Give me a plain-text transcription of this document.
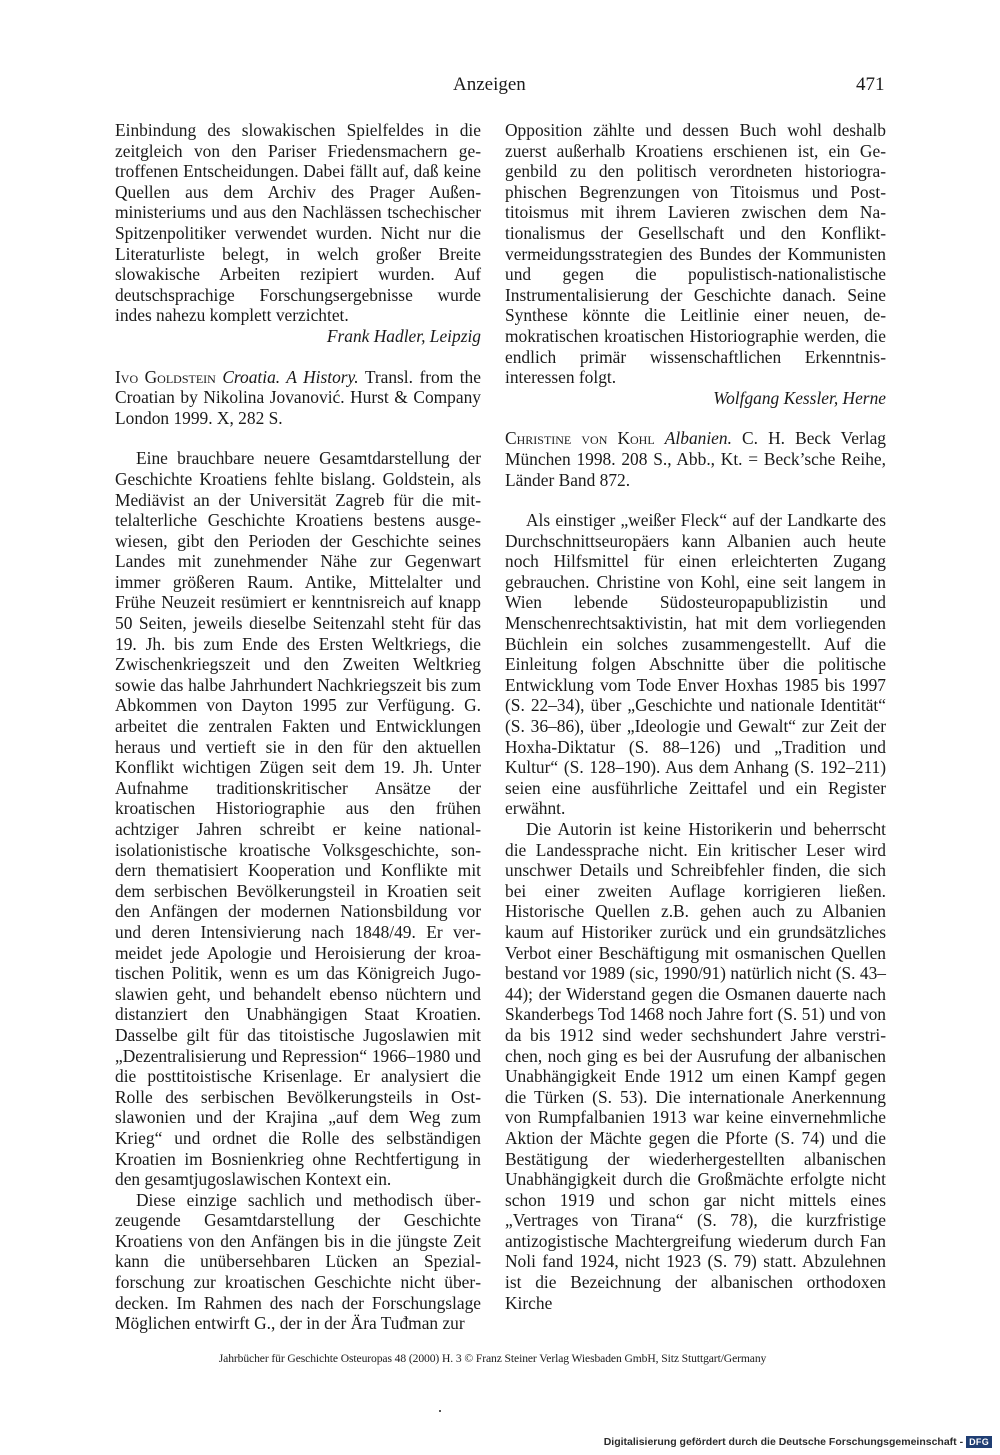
Anzeigen	471

Einbindung des slowakischen Spielfeldes in die zeitgleich von den Pariser Friedensmachern getroffenen Entscheidungen. Dabei fällt auf, daß keine Quellen aus dem Archiv des Prager Außenministeriums und aus den Nachlässen tschechischer Spitzenpolitiker verwendet wurden. Nicht nur die Literaturliste belegt, in welch großer Breite slowakische Arbeiten rezipiert wurden. Auf deutschsprachige Forschungsergebnisse wurde indes nahezu komplett verzichtet.

Frank Hadler, Leipzig

Ivo Goldstein Croatia. A History. Transl. from the Croatian by Nikolina Jovanović. Hurst & Company London 1999. X, 282 S.

Eine brauchbare neuere Gesamtdarstellung der Geschichte Kroatiens fehlte bislang. Goldstein, als Mediävist an der Universität Zagreb für die mittelalterliche Geschichte Kroatiens bestens ausgewiesen, gibt den Perioden der Geschichte seines Landes mit zunehmender Nähe zur Gegenwart immer größeren Raum. Antike, Mittelalter und Frühe Neuzeit resümiert er kenntnisreich auf knapp 50 Seiten, jeweils dieselbe Seitenzahl steht für das 19. Jh. bis zum Ende des Ersten Weltkriegs, die Zwischenkriegszeit und den Zweiten Weltkrieg sowie das halbe Jahrhundert Nachkriegszeit bis zum Abkommen von Dayton 1995 zur Verfügung. G. arbeitet die zentralen Fakten und Entwicklungen heraus und vertieft sie in den für den aktuellen Konflikt wichtigen Zügen seit dem 19. Jh. Unter Aufnahme traditionskritischer Ansätze der kroatischen Historiographie aus den frühen achtziger Jahren schreibt er keine nationalisolationistische kroatische Volksgeschichte, sondern thematisiert Kooperation und Konflikte mit dem serbischen Bevölkerungsteil in Kroatien seit den Anfängen der modernen Nationsbildung vor und deren Intensivierung nach 1848/49. Er vermeidet jede Apologie und Heroisierung der kroatischen Politik, wenn es um das Königreich Jugoslawien geht, und behandelt ebenso nüchtern und distanziert den Unabhängigen Staat Kroatien. Dasselbe gilt für das titoistische Jugoslawien mit „Dezentralisierung und Repression“ 1966–1980 und die posttitoistische Krisenlage. Er analysiert die Rolle des serbischen Bevölkerungsteils in Ostslawonien und der Krajina „auf dem Weg zum Krieg“ und ordnet die Rolle des selbständigen Kroatien im Bosnienkrieg ohne Rechtfertigung in den gesamtjugoslawischen Kontext ein.

Diese einzige sachlich und methodisch überzeugende Gesamtdarstellung der Geschichte Kroatiens von den Anfängen bis in die jüngste Zeit kann die unübersehbaren Lücken an Spezialforschung zur kroatischen Geschichte nicht überdecken. Im Rahmen des nach der Forschungslage Möglichen entwirft G., der in der Ära Tuđman zur

Opposition zählte und dessen Buch wohl deshalb zuerst außerhalb Kroatiens erschienen ist, ein Gegenbild zu den politisch verordneten historiographischen Begrenzungen von Titoismus und Posttitoismus mit ihrem Lavieren zwischen dem Nationalismus der Gesellschaft und den Konfliktvermeidungsstrategien des Bundes der Kommunisten und gegen die populistisch-nationalistische Instrumentalisierung der Geschichte danach. Seine Synthese könnte die Leitlinie einer neuen, demokratischen kroatischen Historiographie werden, die endlich primär wissenschaftlichen Erkenntnisinteressen folgt.

Wolfgang Kessler, Herne

Christine von Kohl Albanien. C. H. Beck Verlag München 1998. 208 S., Abb., Kt. = Beck’sche Reihe, Länder Band 872.

Als einstiger „weißer Fleck“ auf der Landkarte des Durchschnittseuropäers kann Albanien auch heute noch Hilfsmittel für einen erleichterten Zugang gebrauchen. Christine von Kohl, eine seit langem in Wien lebende Südosteuropapublizistin und Menschenrechtsaktivistin, hat mit dem vorliegenden Büchlein ein solches zusammengestellt. Auf die Einleitung folgen Abschnitte über die politische Entwicklung vom Tode Enver Hoxhas 1985 bis 1997 (S. 22–34), über „Geschichte und nationale Identität“ (S. 36–86), über „Ideologie und Gewalt“ zur Zeit der Hoxha-Diktatur (S. 88–126) und „Tradition und Kultur“ (S. 128–190). Aus dem Anhang (S. 192–211) seien eine ausführliche Zeittafel und ein Register erwähnt.

Die Autorin ist keine Historikerin und beherrscht die Landessprache nicht. Ein kritischer Leser wird unschwer Details und Schreibfehler finden, die sich bei einer zweiten Auflage korrigieren ließen. Historische Quellen z.B. gehen auch zu Albanien kaum auf Historiker zurück und ein grundsätzliches Verbot einer Beschäftigung mit osmanischen Quellen bestand vor 1989 (sic, 1990/91) natürlich nicht (S. 43–44); der Widerstand gegen die Osmanen dauerte nach Skanderbegs Tod 1468 noch Jahre fort (S. 51) und von da bis 1912 sind weder sechshundert Jahre verstrichen, noch ging es bei der Ausrufung der albanischen Unabhängigkeit Ende 1912 um einen Kampf gegen die Türken (S. 53). Die internationale Anerkennung von Rumpfalbanien 1913 war keine einvernehmliche Aktion der Mächte gegen die Pforte (S. 74) und die Bestätigung der wiederhergestellten albanischen Unabhängigkeit durch die Großmächte erfolgte nicht schon 1919 und schon gar nicht mittels eines „Vertrages von Tirana“ (S. 78), die kurzfristige antizogistische Machtergreifung wiederum durch Fan Noli fand 1924, nicht 1923 (S. 79) statt. Abzulehnen ist die Bezeichnung der albanischen orthodoxen Kirche

Jahrbücher für Geschichte Osteuropas 48 (2000) H. 3 © Franz Steiner Verlag Wiesbaden GmbH, Sitz Stuttgart/Germany
Digitalisierung gefördert durch die Deutsche Forschungsgemeinschaft - DFG
